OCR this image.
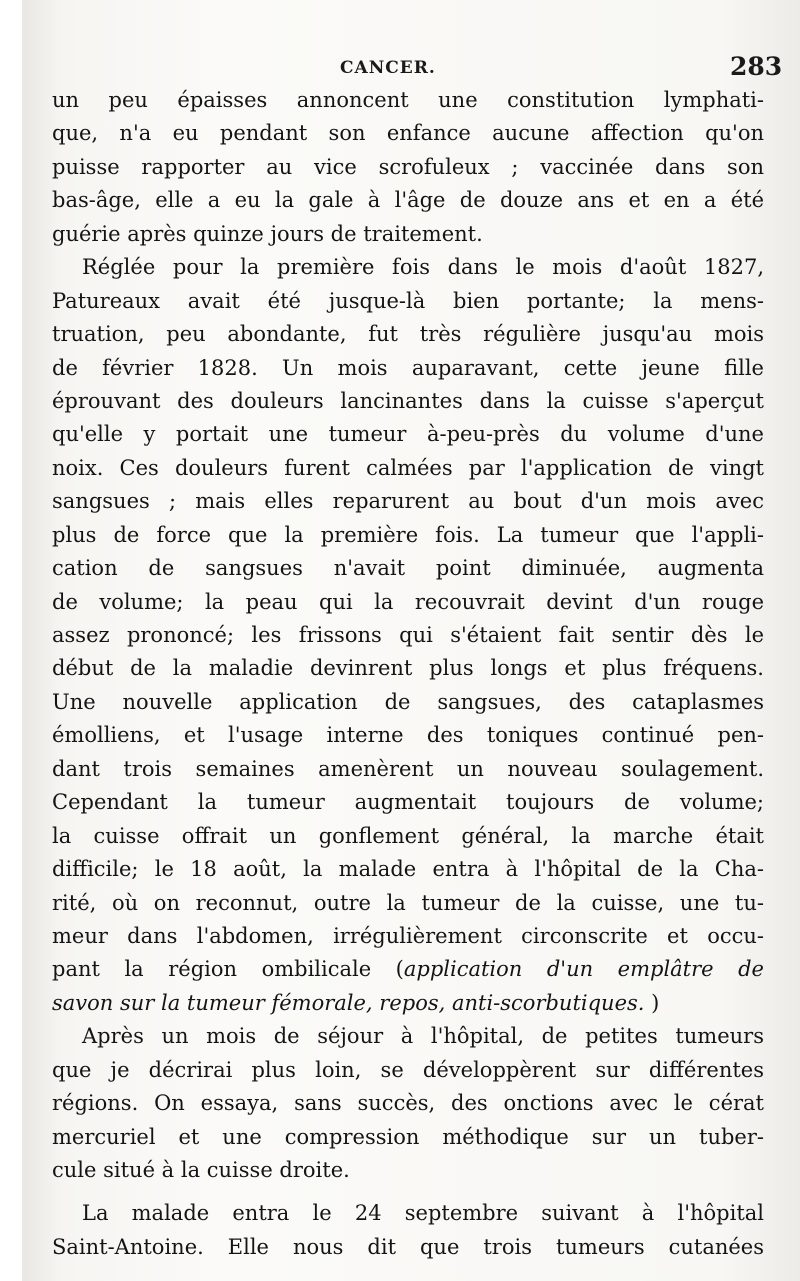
CANCER.	283
un peu épaisses annoncent une constitution lymphati-
que, n'a eu pendant son enfance aucune affection qu'on
puisse rapporter au vice scrofuleux ; vaccinée dans son
bas-âge, elle a eu la gale à l'âge de douze ans et en a été
guérie après quinze jours de traitement.
Réglée pour la première fois dans le mois d'août 1827,
Patureaux avait été jusque-là bien portante; la mens-
truation, peu abondante, fut très régulière jusqu'au mois
de février 1828. Un mois auparavant, cette jeune fille
éprouvant des douleurs lancinantes dans la cuisse s'aperçut
qu'elle y portait une tumeur à-peu-près du volume d'une
noix. Ces douleurs furent calmées par l'application de vingt
sangsues ; mais elles reparurent au bout d'un mois avec
plus de force que la première fois. La tumeur que l'appli-
cation de sangsues n'avait point diminuée, augmenta
de volume; la peau qui la recouvrait devint d'un rouge
assez prononcé; les frissons qui s'étaient fait sentir dès le
début de la maladie devinrent plus longs et plus fréquens.
Une nouvelle application de sangsues, des cataplasmes
émolliens, et l'usage interne des toniques continué pen-
dant trois semaines amenèrent un nouveau soulagement.
Cependant la tumeur augmentait toujours de volume;
la cuisse offrait un gonflement général, la marche était
difficile; le 18 août, la malade entra à l'hôpital de la Cha-
rité, où on reconnut, outre la tumeur de la cuisse, une tu-
meur dans l'abdomen, irrégulièrement circonscrite et occu-
pant la région ombilicale (application d'un emplâtre de
savon sur la tumeur fémorale, repos, anti-scorbutiques. )
Après un mois de séjour à l'hôpital, de petites tumeurs
que je décrirai plus loin, se développèrent sur différentes
régions. On essaya, sans succès, des onctions avec le cérat
mercuriel et une compression méthodique sur un tuber-
cule situé à la cuisse droite.
La malade entra le 24 septembre suivant à l'hôpital
Saint-Antoine. Elle nous dit que trois tumeurs cutanées
